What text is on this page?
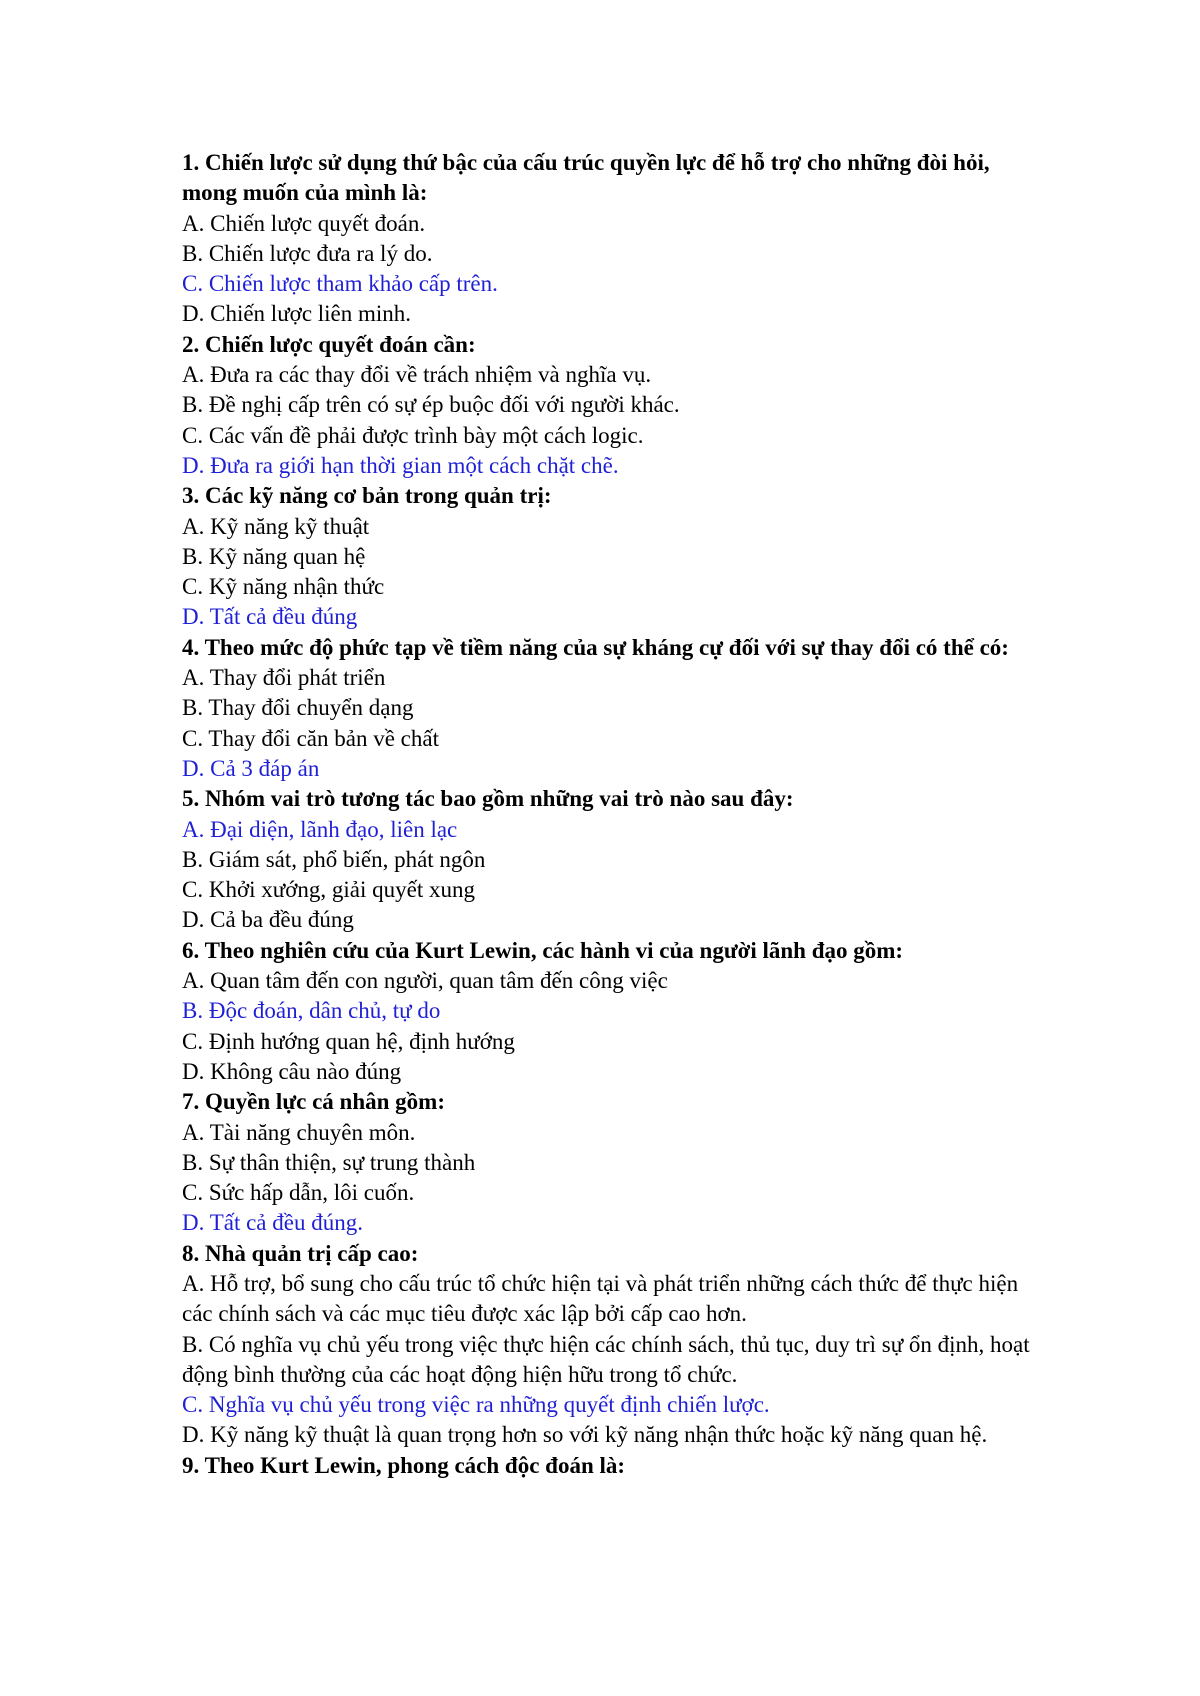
1. Chiến lược sử dụng thứ bậc của cấu trúc quyền lực để hỗ trợ cho những đòi hỏi, mong muốn của mình là:
A. Chiến lược quyết đoán.
B. Chiến lược đưa ra lý do.
C. Chiến lược tham khảo cấp trên.
D. Chiến lược liên minh.
2. Chiến lược quyết đoán cần:
A. Đưa ra các thay đổi về trách nhiệm và nghĩa vụ.
B. Đề nghị cấp trên có sự ép buộc đối với người khác.
C. Các vấn đề phải được trình bày một cách logic.
D. Đưa ra giới hạn thời gian một cách chặt chẽ.
3. Các kỹ năng cơ bản trong quản trị:
A. Kỹ năng kỹ thuật
B. Kỹ năng quan hệ
C. Kỹ năng nhận thức
D. Tất cả đều đúng
4. Theo mức độ phức tạp về tiềm năng của sự kháng cự đối với sự thay đổi có thể có:
A. Thay đổi phát triển
B. Thay đổi chuyển dạng
C. Thay đổi căn bản về chất
D. Cả 3 đáp án
5. Nhóm vai trò tương tác bao gồm những vai trò nào sau đây:
A. Đại diện, lãnh đạo, liên lạc
B. Giám sát, phổ biến, phát ngôn
C. Khởi xướng, giải quyết xung
D. Cả ba đều đúng
6. Theo nghiên cứu của Kurt Lewin, các hành vi của người lãnh đạo gồm:
A. Quan tâm đến con người, quan tâm đến công việc
B. Độc đoán, dân chủ, tự do
C. Định hướng quan hệ, định hướng
D. Không câu nào đúng
7. Quyền lực cá nhân gồm:
A. Tài năng chuyên môn.
B. Sự thân thiện, sự trung thành
C. Sức hấp dẫn, lôi cuốn.
D. Tất cả đều đúng.
8. Nhà quản trị cấp cao:
A. Hỗ trợ, bổ sung cho cấu trúc tổ chức hiện tại và phát triển những cách thức để thực hiện các chính sách và các mục tiêu được xác lập bởi cấp cao hơn.
B. Có nghĩa vụ chủ yếu trong việc thực hiện các chính sách, thủ tục, duy trì sự ổn định, hoạt động bình thường của các hoạt động hiện hữu trong tổ chức.
C. Nghĩa vụ chủ yếu trong việc ra những quyết định chiến lược.
D. Kỹ năng kỹ thuật là quan trọng hơn so với kỹ năng nhận thức hoặc kỹ năng quan hệ.
9. Theo Kurt Lewin, phong cách độc đoán là:
